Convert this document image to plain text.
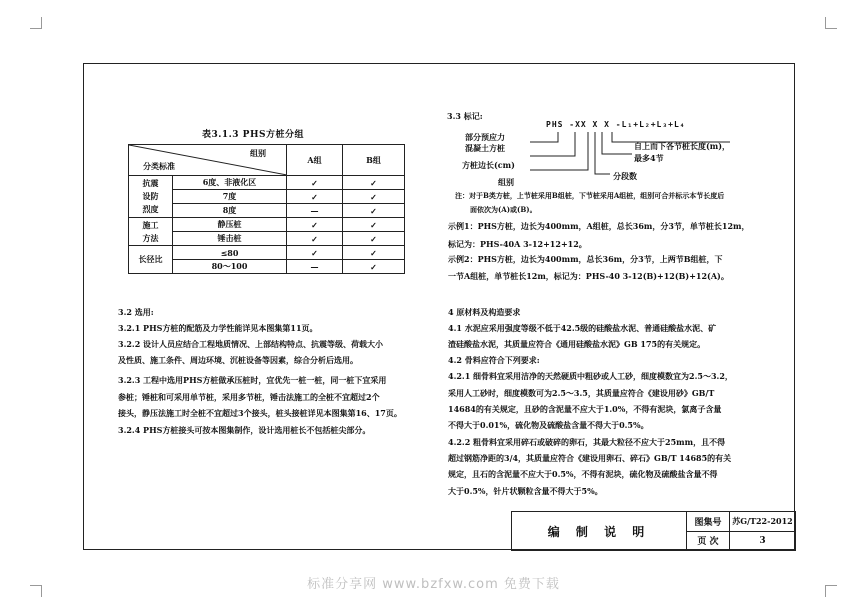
表3.1.3 PHS方桩分组
组别
分类标准		A组	B组

抗震
设防
烈度	6度、非液化区	✓	✓
	7度	✓	✓
	8度	—	✓

施工
方法	静压桩	✓	✓
	锤击桩	✓	✓
长径比	≤80	✓	✓
	80～100	—	✓
3.2 选用:
3.2.1 PHS方桩的配筋及力学性能详见本图集第11页。
3.2.2 设计人员应结合工程地质情况、上部结构特点、抗震等级、荷载大小
及性质、施工条件、周边环境、沉桩设备等因素，综合分析后选用。
3.2.3 工程中选用PHS方桩做承压桩时，宜优先一桩一桩，同一桩下宜采用
参桩；锤桩和可采用单节桩，采用多节桩，锤击法施工的全桩不宜超过2个
接头，静压法施工时全桩不宜超过3个接头，桩头接桩详见本图集第16、17页。
3.2.4 PHS方桩接头可按本图集制作，设计选用桩长不包括桩尖部分。
3.3 标记:
PHS -XX X X -L₁+L₂+L₃+L₄
部分预应力
混凝土方桩
方桩边长(cm)
组别
分段数
自上而下各节桩长度(m)，
最多4节
注：对于B类方桩，上节桩采用B组桩，下节桩采用A组桩，组别可合并标示本节长度后
面依次为(A)或(B)。
示例1：PHS方桩，边长为400mm，A组桩，总长36m，分3节，单节桩长12m，
标记为：PHS-40A 3-12+12+12。
示例2：PHS方桩，边长为400mm，总长36m，分3节，上两节B组桩，下
一节A组桩，单节桩长12m，标记为：PHS-40 3-12(B)+12(B)+12(A)。
4 原材料及构造要求
4.1 水泥应采用强度等级不低于42.5级的硅酸盐水泥、普通硅酸盐水泥、矿
渣硅酸盐水泥，其质量应符合《通用硅酸盐水泥》GB 175的有关规定。
4.2 骨料应符合下列要求:
4.2.1 细骨料宜采用洁净的天然硬质中粗砂或人工砂，细度模数宜为2.5～3.2，
采用人工砂时，细度模数可为2.5～3.5，其质量应符合《建设用砂》GB/T
14684的有关规定，且砂的含泥量不应大于1.0%，不得有泥块，氯离子含量
不得大于0.01%，硫化物及硫酸盐含量不得大于0.5%。
4.2.2 粗骨料宜采用碎石或破碎的卵石，其最大粒径不应大于25mm，且不得
超过钢筋净距的3/4，其质量应符合《建设用卵石、碎石》GB/T 14685的有关
规定，且石的含泥量不应大于0.5%，不得有泥块，硫化物及硫酸盐含量不得
大于0.5%，针片状颗粒含量不得大于5%。
编 制 说 明	图集号	苏G/T22-2012
	页 次	3
标准分享网 www.bzfxw.com 免费下载
